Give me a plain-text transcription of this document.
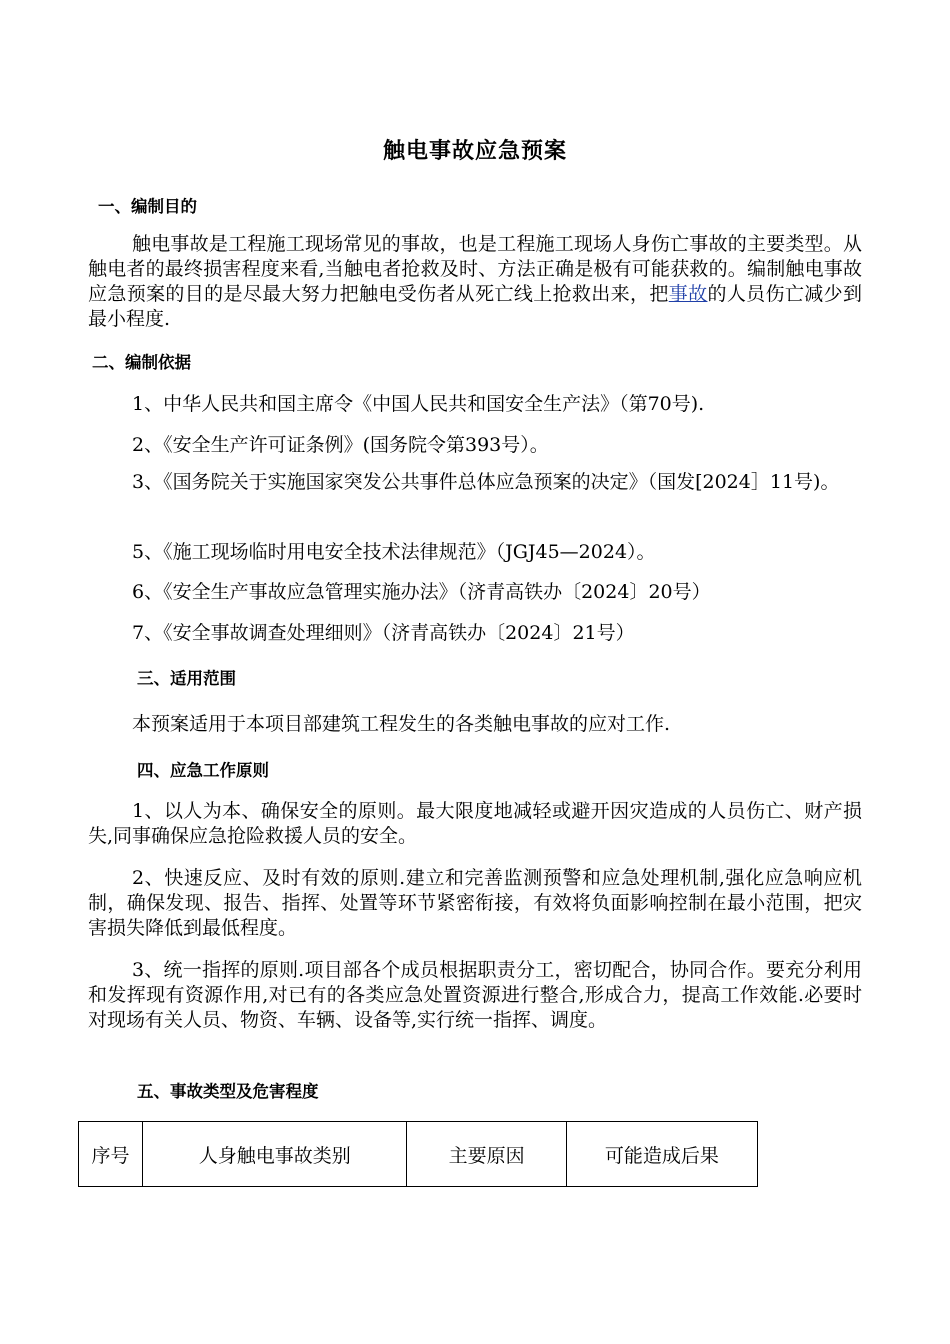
触电事故应急预案
一、编制目的
触电事故是工程施工现场常见的事故，也是工程施工现场人身伤亡事故的主要类型。从触电者的最终损害程度来看,当触电者抢救及时、方法正确是极有可能获救的。编制触电事故应急预案的目的是尽最大努力把触电受伤者从死亡线上抢救出来，把事故的人员伤亡减少到最小程度.
二、编制依据
1、中华人民共和国主席令《中国人民共和国安全生产法》（第70号).
2、《安全生产许可证条例》(国务院令第393号）。
3、《国务院关于实施国家突发公共事件总体应急预案的决定》（国发[2024］11号)。
5、《施工现场临时用电安全技术法律规范》（JGJ45—2024）。
6、《安全生产事故应急管理实施办法》（济青高铁办〔2024〕20号）
7、《安全事故调查处理细则》（济青高铁办〔2024〕21号）
三、适用范围
本预案适用于本项目部建筑工程发生的各类触电事故的应对工作.
四、应急工作原则
1、以人为本、确保安全的原则。最大限度地减轻或避开因灾造成的人员伤亡、财产损失,同事确保应急抢险救援人员的安全。
2、快速反应、及时有效的原则.建立和完善监测预警和应急处理机制,强化应急响应机制，确保发现、报告、指挥、处置等环节紧密衔接，有效将负面影响控制在最小范围，把灾害损失降低到最低程度。
3、统一指挥的原则.项目部各个成员根据职责分工，密切配合，协同合作。要充分利用和发挥现有资源作用,对已有的各类应急处置资源进行整合,形成合力，提高工作效能.必要时对现场有关人员、物资、车辆、设备等,实行统一指挥、调度。
五、事故类型及危害程度
序号	人身触电事故类别	主要原因	可能造成后果
